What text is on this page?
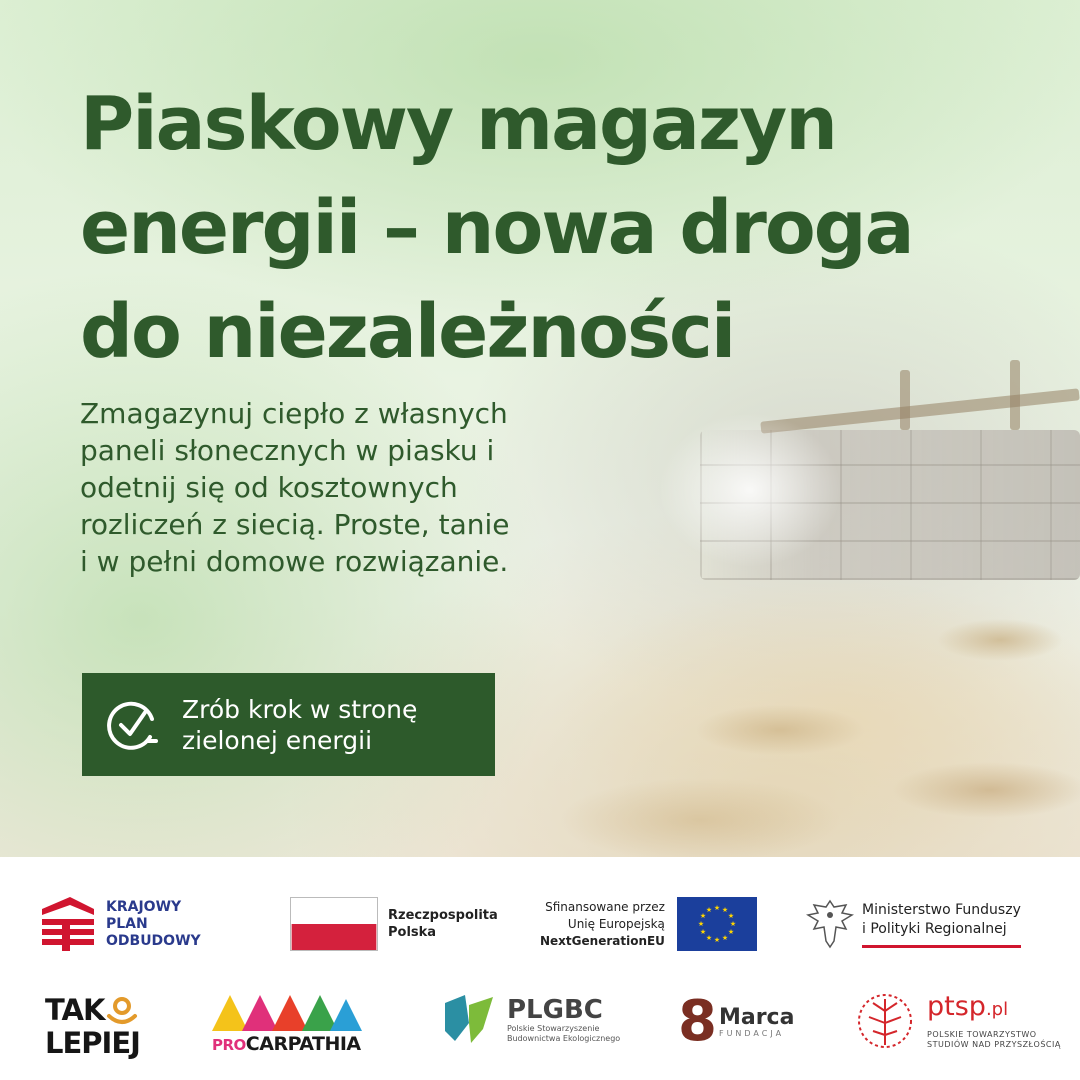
Piaskowy magazyn
energii – nowa droga
do niezależności
Zmagazynuj ciepło z własnych
paneli słonecznych w piasku i
odetnij się od kosztownych
rozliczeń z siecią. Proste, tanie
i w pełni domowe rozwiązanie.
Zrób krok w stronę
zielonej energii
KRAJOWY
PLAN
ODBUDOWY
Rzeczpospolita
Polska
Sfinansowane przez
Unię Europejską
NextGenerationEU
★ ★
★
★
★
★
★
★
★
★
★
★	Ministerstwo Funduszy
i Polityki Regionalnej
TAK
LEPIEJ	PROCARPATHIA
PLGBC
Polskie Stowarzyszenie
Budownictwa Ekologicznego 8 Marca
FUNDACJA
ptsp.pl
POLSKIE TOWARZYSTWO
STUDIÓW NAD PRZYSZŁOŚCIĄ
